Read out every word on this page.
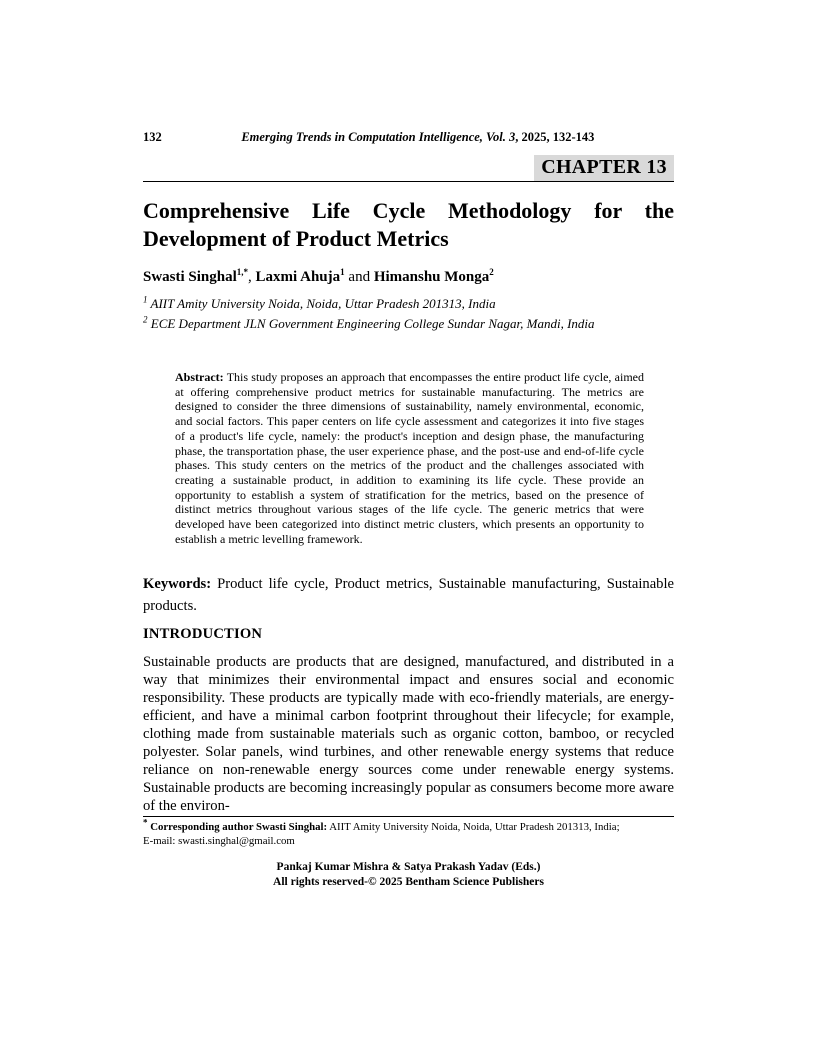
132	Emerging Trends in Computation Intelligence, Vol. 3, 2025, 132-143
CHAPTER 13
Comprehensive Life Cycle Methodology for the Development of Product Metrics
Swasti Singhal$^{1,*}$, Laxmi Ahuja$^1$ and Himanshu Monga$^2$
$^1$ AIIT Amity University Noida, Noida, Uttar Pradesh 201313, India
$^2$ ECE Department JLN Government Engineering College Sundar Nagar, Mandi, India
Abstract: This study proposes an approach that encompasses the entire product life cycle, aimed at offering comprehensive product metrics for sustainable manufacturing. The metrics are designed to consider the three dimensions of sustainability, namely environmental, economic, and social factors. This paper centers on life cycle assessment and categorizes it into five stages of a product's life cycle, namely: the product's inception and design phase, the manufacturing phase, the transportation phase, the user experience phase, and the post-use and end-of-life cycle phases. This study centers on the metrics of the product and the challenges associated with creating a sustainable product, in addition to examining its life cycle. These provide an opportunity to establish a system of stratification for the metrics, based on the presence of distinct metrics throughout various stages of the life cycle. The generic metrics that were developed have been categorized into distinct metric clusters, which presents an opportunity to establish a metric levelling framework.
Keywords: Product life cycle, Product metrics, Sustainable manufacturing, Sustainable products.
INTRODUCTION
Sustainable products are products that are designed, manufactured, and distributed in a way that minimizes their environmental impact and ensures social and economic responsibility. These products are typically made with eco-friendly materials, are energy-efficient, and have a minimal carbon footprint throughout their lifecycle; for example, clothing made from sustainable materials such as organic cotton, bamboo, or recycled polyester. Solar panels, wind turbines, and other renewable energy systems that reduce reliance on non-renewable energy sources come under renewable energy systems. Sustainable products are becoming increasingly popular as consumers become more aware of the environ-
* Corresponding author Swasti Singhal: AIIT Amity University Noida, Noida, Uttar Pradesh 201313, India;
E-mail: swasti.singhal@gmail.com
Pankaj Kumar Mishra & Satya Prakash Yadav (Eds.)
All rights reserved-© 2025 Bentham Science Publishers
